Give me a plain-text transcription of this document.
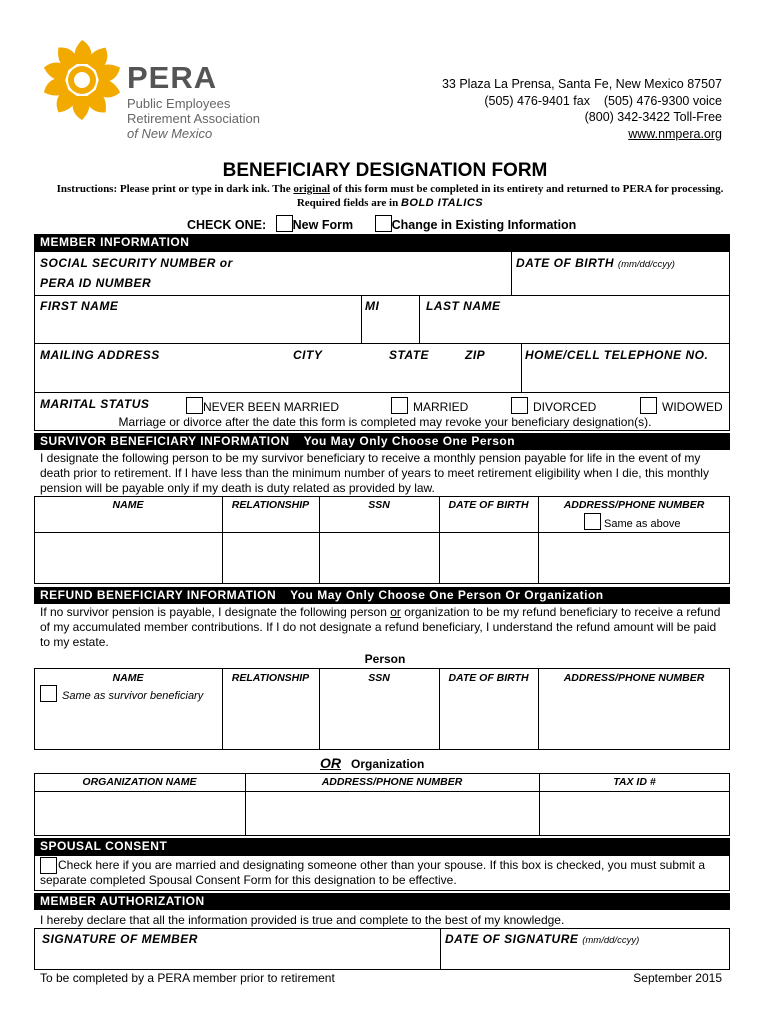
PERA
Public Employees
Retirement Association
of New Mexico
33 Plaza La Prensa, Santa Fe, New Mexico 87507
(505) 476-9401 fax    (505) 476-9300 voice
(800) 342-3422 Toll-Free
www.nmpera.org
BENEFICIARY DESIGNATION FORM
Instructions: Please print or type in dark ink. The original of this form must be completed in its entirety and returned to PERA for processing. Required fields are in BOLD ITALICS
CHECK ONE: New Form	Change in Existing Information
MEMBER INFORMATION
SOCIAL SECURITY NUMBER or
PERA ID NUMBER
DATE OF BIRTH (mm/dd/ccyy)
FIRST NAME	MI	LAST NAME
MAILING ADDRESS	CITY	STATE	ZIP	HOME/CELL TELEPHONE NO.
MARITAL STATUS	NEVER BEEN MARRIED	MARRIED	DIVORCED	WIDOWED
Marriage or divorce after the date this form is completed may revoke your beneficiary designation(s).
SURVIVOR BENEFICIARY INFORMATION You May Only Choose One Person
I designate the following person to be my survivor beneficiary to receive a monthly pension payable for life in the event of my death prior to retirement. If I have less than the minimum number of years to meet retirement eligibility when I die, this monthly pension will be payable only if my death is duty related as provided by law.
NAME	RELATIONSHIP	SSN	DATE OF BIRTH	ADDRESS/PHONE NUMBER
Same as above
REFUND BENEFICIARY INFORMATION You May Only Choose One Person Or Organization
If no survivor pension is payable, I designate the following person or organization to be my refund beneficiary to receive a refund of my accumulated member contributions. If I do not designate a refund beneficiary, I understand the refund amount will be paid to my estate.
Person
NAME	RELATIONSHIP	SSN	DATE OF BIRTH	ADDRESS/PHONE NUMBER
Same as survivor beneficiary
OR Organization
ORGANIZATION NAME	ADDRESS/PHONE NUMBER	TAX ID #
SPOUSAL CONSENT
Check here if you are married and designating someone other than your spouse. If this box is checked, you must submit a separate completed Spousal Consent Form for this designation to be effective.
MEMBER AUTHORIZATION
I hereby declare that all the information provided is true and complete to the best of my knowledge.
SIGNATURE OF MEMBER	DATE OF SIGNATURE (mm/dd/ccyy)
To be completed by a PERA member prior to retirement	September 2015
